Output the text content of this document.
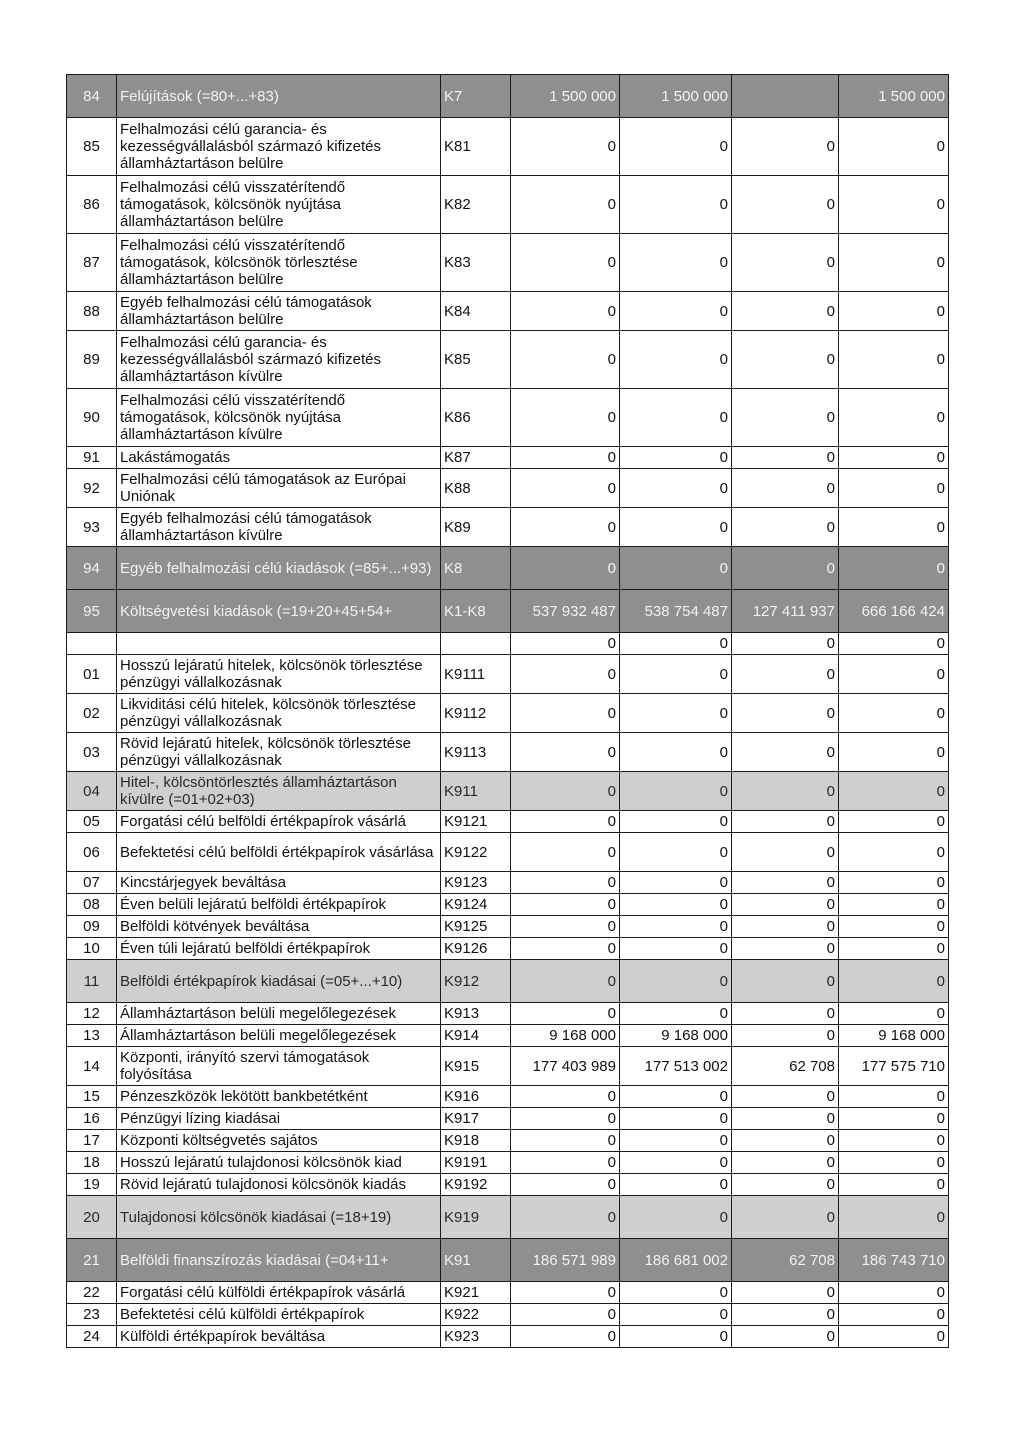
84	Felújítások (=80+...+83)	K7	1 500 000	1 500 000		1 500 000
85	Felhalmozási célú garancia- és kezességvállalásból származó kifizetés államháztartáson belülre	K81	0	0	0	0
86	Felhalmozási célú visszatérítendő támogatások, kölcsönök nyújtása államháztartáson belülre	K82	0	0	0	0
87	Felhalmozási célú visszatérítendő támogatások, kölcsönök törlesztése államháztartáson belülre	K83	0	0	0	0
88	Egyéb felhalmozási célú támogatások államháztartáson belülre	K84	0	0	0	0
89	Felhalmozási célú garancia- és kezességvállalásból származó kifizetés államháztartáson kívülre	K85	0	0	0	0
90	Felhalmozási célú visszatérítendő támogatások, kölcsönök nyújtása államháztartáson kívülre	K86	0	0	0	0
91	Lakástámogatás	K87	0	0	0	0
92	Felhalmozási célú támogatások az Európai Uniónak	K88	0	0	0	0
93	Egyéb felhalmozási célú támogatások államháztartáson kívülre	K89	0	0	0	0
94	Egyéb felhalmozási célú kiadások (=85+...+93)	K8	0	0	0	0
95	Költségvetési kiadások (=19+20+45+54+	K1-K8	537 932 487	538 754 487	127 411 937	666 166 424
			0	0	0	0
01	Hosszú lejáratú hitelek, kölcsönök törlesztése pénzügyi vállalkozásnak	K9111	0	0	0	0
02	Likviditási célú hitelek, kölcsönök törlesztése pénzügyi vállalkozásnak	K9112	0	0	0	0
03	Rövid lejáratú hitelek, kölcsönök törlesztése pénzügyi vállalkozásnak	K9113	0	0	0	0
04	Hitel-, kölcsöntörlesztés államháztartáson kívülre (=01+02+03)	K911	0	0	0	0
05	Forgatási célú belföldi értékpapírok vásárlá	K9121	0	0	0	0
06	Befektetési célú belföldi értékpapírok vásárlása	K9122	0	0	0	0
07	Kincstárjegyek beváltása	K9123	0	0	0	0
08	Éven belüli lejáratú belföldi értékpapírok	K9124	0	0	0	0
09	Belföldi kötvények beváltása	K9125	0	0	0	0
10	Éven túli lejáratú belföldi értékpapírok	K9126	0	0	0	0
11	Belföldi értékpapírok kiadásai (=05+...+10)	K912	0	0	0	0
12	Államháztartáson belüli megelőlegezések	K913	0	0	0	0
13	Államháztartáson belüli megelőlegezések	K914	9 168 000	9 168 000	0	9 168 000
14	Központi, irányító szervi támogatások folyósítása	K915	177 403 989	177 513 002	62 708	177 575 710
15	Pénzeszközök lekötött bankbetétként	K916	0	0	0	0
16	Pénzügyi lízing kiadásai	K917	0	0	0	0
17	Központi költségvetés sajátos	K918	0	0	0	0
18	Hosszú lejáratú tulajdonosi kölcsönök kiad	K9191	0	0	0	0
19	Rövid lejáratú tulajdonosi kölcsönök kiadás	K9192	0	0	0	0
20	Tulajdonosi kölcsönök kiadásai (=18+19)	K919	0	0	0	0
21	Belföldi finanszírozás kiadásai (=04+11+	K91	186 571 989	186 681 002	62 708	186 743 710
22	Forgatási célú külföldi értékpapírok vásárlá	K921	0	0	0	0
23	Befektetési célú külföldi értékpapírok	K922	0	0	0	0
24	Külföldi értékpapírok beváltása	K923	0	0	0	0
